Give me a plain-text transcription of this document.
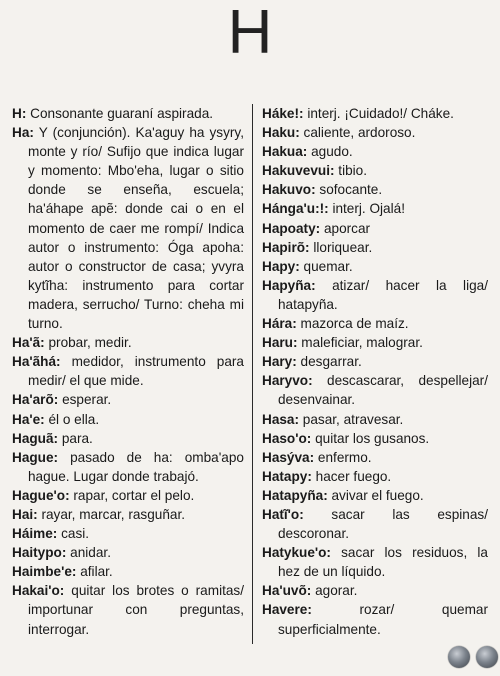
H

H: Consonante guaraní aspirada.

Ha: Y (conjunción). Ka'aguy ha ysyry, monte y río/ Sufijo que indica lugar y momento: Mbo'eha, lugar o sitio donde se enseña, escuela; ha'áhape apẽ: donde cai o en el momento de caer me rompí/ Indica autor o instrumento: Óga apoha: autor o constructor de casa; yvyra kytĩha: instrumento para cortar madera, serrucho/ Turno: cheha mi turno.

Ha'ã: probar, medir.

Ha'ãhá: medidor, instrumento para medir/ el que mide.

Ha'arõ: esperar.

Ha'e: él o ella.

Haguã: para.

Hague: pasado de ha: omba'apo hague. Lugar donde trabajó.

Hague'o: rapar, cortar el pelo.

Hai: rayar, marcar, rasguñar.

Háime: casi.

Haitypo: anidar.

Haimbe'e: afilar.

Hakai'o: quitar los brotes o ramitas/ importunar con preguntas, interrogar.

Háke!: interj. ¡Cuidado!/ Cháke.

Haku: caliente, ardoroso.

Hakua: agudo.

Hakuvevui: tibio.

Hakuvo: sofocante.

Hánga'u:!: interj. Ojalá!

Hapoaty: aporcar

Hapirõ: lloriquear.

Hapy: quemar.

Hapyña: atizar/ hacer la liga/ hatapyña.

Hára: mazorca de maíz.

Haru: maleficiar, malograr.

Hary: desgarrar.

Haryvo: descascarar, despellejar/ desenvainar.

Hasa: pasar, atravesar.

Haso'o: quitar los gusanos.

Hasýva: enfermo.

Hatapy: hacer fuego.

Hatapyña: avivar el fuego.

Hatĩ'o: sacar las espinas/ descoronar.

Hatykue'o: sacar los residuos, la hez de un líquido.

Ha'uvõ: agorar.

Havere: rozar/ quemar superficialmente.
